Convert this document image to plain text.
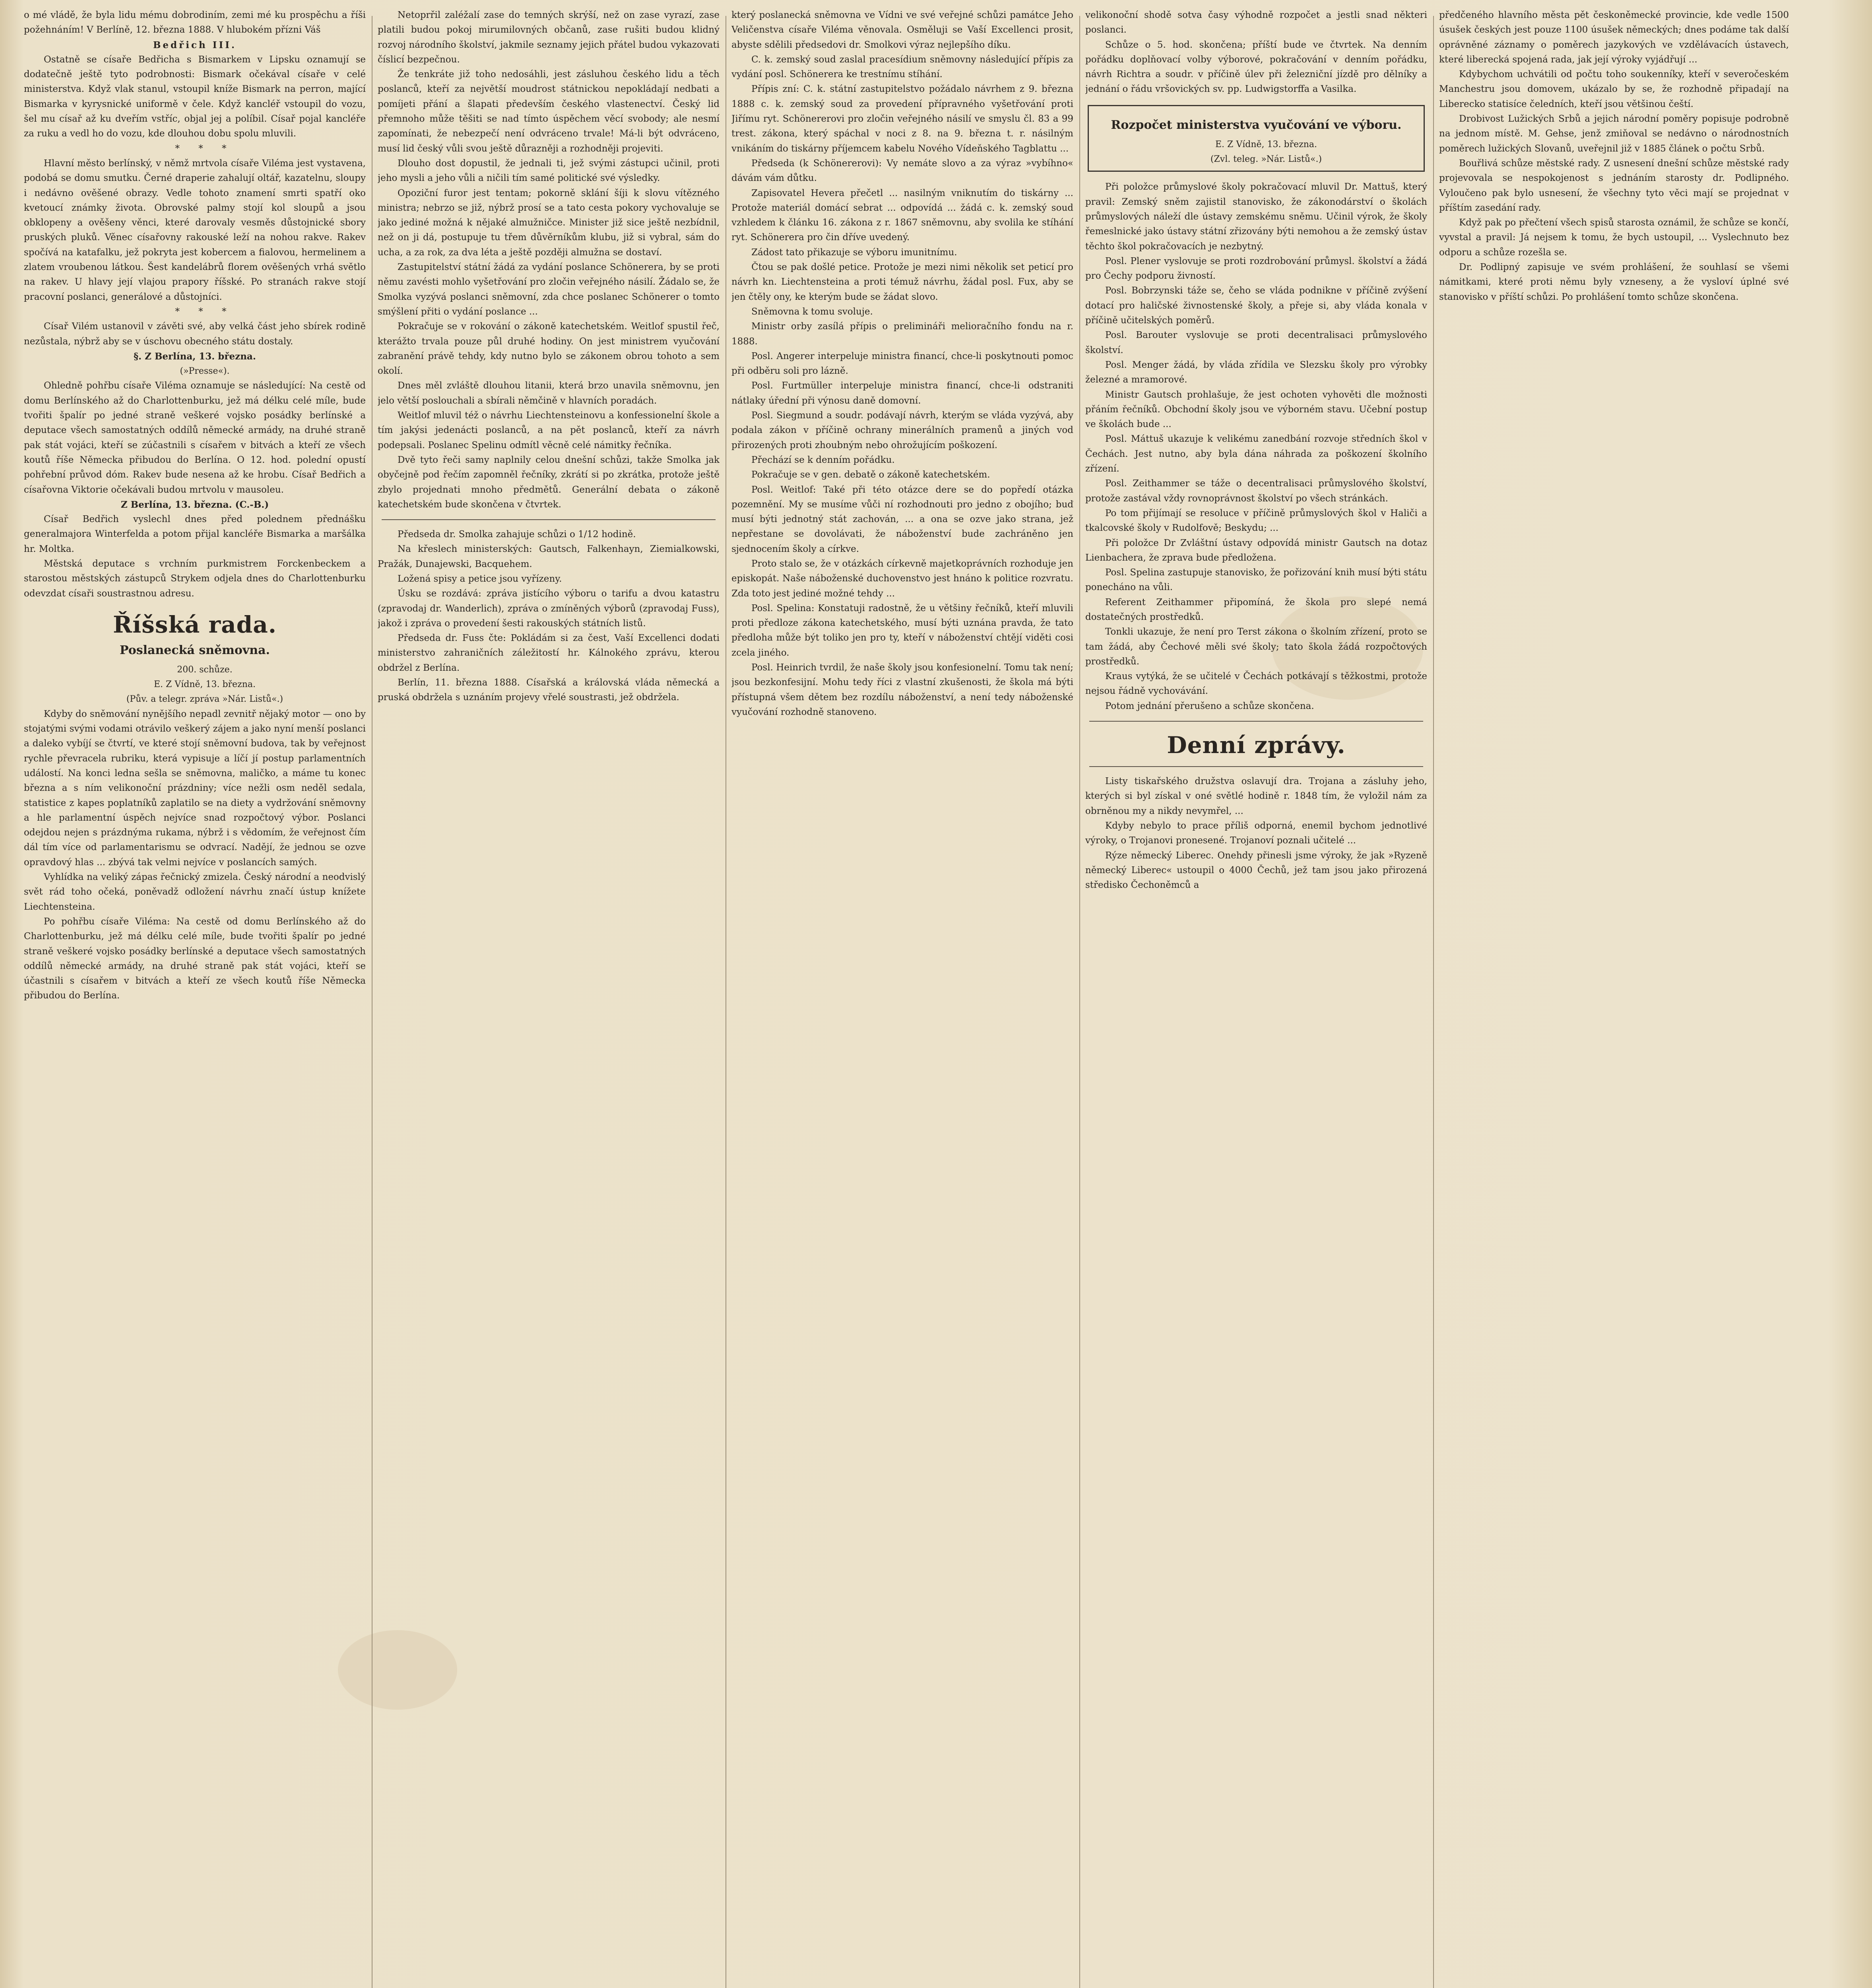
o mé vládě, že byla lidu mému dobrodiním, zemi mé ku prospěchu a říši požehnáním! V Berlíně, 12. března 1888. V hlubokém přízni Váš

Bedřich III.

Ostatně se císaře Bedřicha s Bismarkem v Lipsku oznamují se dodatečně ještě tyto podrobnosti: Bismark očekával císaře v celé ministerstva. Když vlak stanul, vstoupil kníže Bismark na perron, mající Bismarka v kyrysnické uniformě v čele. Když kancléř vstoupil do vozu, šel mu císař až ku dveřím vstříc, objal jej a políbil. Císař pojal kancléře za ruku a vedl ho do vozu, kde dlouhou dobu spolu mluvili.

* * *

Hlavní město berlínský, v němž mrtvola císaře Viléma jest vystavena, podobá se domu smutku. Černé draperie zahalují oltář, kazatelnu, sloupy i nedávno ověšené obrazy. Vedle tohoto znamení smrti spatří oko kvetoucí známky života. Obrovské palmy stojí kol sloupů a jsou obklopeny a ověšeny věnci, které darovaly vesměs důstojnické sbory pruských pluků. Věnec císařovny rakouské leží na nohou rakve. Rakev spočívá na katafalku, jež pokryta jest kobercem a fialovou, hermelinem a zlatem vroubenou látkou. Šest kandelábrů florem ověšených vrhá světlo na rakev. U hlavy její vlajou prapory říšské. Po stranách rakve stojí pracovní poslanci, generálové a důstojníci.

* * *

Císař Vilém ustanovil v závěti své, aby velká část jeho sbírek rodině nezůstala, nýbrž aby se v úschovu obecného státu dostaly.

§. Z Berlína, 13. března.

(»Presse«).

Ohledně pohřbu císaře Viléma oznamuje se následující: Na cestě od domu Berlínského až do Charlottenburku, jež má délku celé míle, bude tvořiti špalír po jedné straně veškeré vojsko posádky berlínské a deputace všech samostatných oddílů německé armády, na druhé straně pak stát vojáci, kteří se zúčastnili s císařem v bitvách a kteří ze všech koutů říše Německa přibudou do Berlína. O 12. hod. polední opustí pohřební průvod dóm. Rakev bude nesena až ke hrobu. Císař Bedřich a císařovna Viktorie očekávali budou mrtvolu v mausoleu.

Z Berlína, 13. března. (C.-B.)

Císař Bedřich vyslechl dnes před polednem přednášku generalmajora Winterfelda a potom přijal kancléře Bismarka a maršálka hr. Moltka.

Městská deputace s vrchním purkmistrem Forckenbeckem a starostou městských zástupců Strykem odjela dnes do Charlottenburku odevzdat císaři soustrastnou adresu.

Říšská rada.
Poslanecká sněmovna.

200. schůze.

E. Z Vídně, 13. března.

(Pův. a telegr. zpráva »Nár. Listů«.)

Kdyby do sněmování nynějšího nepadl zevnitř nějaký motor — ono by stojatými svými vodami otrávilo veškerý zájem a jako nyní menší poslanci a daleko vybíjí se čtvrtí, ve které stojí sněmovní budova, tak by veřejnost rychle převracela rubriku, která vypisuje a líčí jí postup parlamentních událostí. Na konci ledna sešla se sněmovna, maličko, a máme tu konec března a s ním velikonoční prázdniny; více nežli osm neděl sedala, statistice z kapes poplatníků zaplatilo se na diety a vydržování sněmovny a hle parlamentní úspěch nejvíce snad rozpočtový výbor. Poslanci odejdou nejen s prázdnýma rukama, nýbrž i s vědomím, že veřejnost čím dál tím více od parlamentarismu se odvrací. Nadějí, že jednou se ozve opravdový hlas ... zbývá tak velmi nejvíce v poslancích samých.

Vyhlídka na veliký zápas řečnický zmizela. Český národní a neodvislý svět rád toho očeká, poněvadž odložení návrhu značí ústup knížete Liechtensteina.

Po pohřbu císaře Viléma: Na cestě od domu Berlínského až do Charlottenburku, jež má délku celé míle, bude tvořiti špalír po jedné straně veškeré vojsko posádky berlínské a deputace všech samostatných oddílů německé armády, na druhé straně pak stát vojáci, kteří se účastnili s císařem v bitvách a kteří ze všech koutů říše Německa přibudou do Berlína.

Netoprřil zaléžalí zase do temných skrýší, než on zase vyrazí, zase platili budou pokoj mirumilovných občanů, zase rušiti budou klidný rozvoj národního školství, jakmile seznamy jejich přátel budou vykazovati číslicí bezpečnou.

Že tenkráte již toho nedosáhli, jest zásluhou českého lidu a těch poslanců, kteří za největší moudrost státnickou nepokládají nedbati a pomíjeti přání a šlapati především českého vlastenectví. Český lid přemnoho může těšiti se nad tímto úspěchem věcí svobody; ale nesmí zapomínati, že nebezpečí není odvráceno trvale! Má-li být odvráceno, musí lid český vůli svou ještě důrazněji a rozhodněji projeviti.

Dlouho dost dopustil, že jednali ti, jež svými zástupci učinil, proti jeho mysli a jeho vůli a ničili tím samé politické své výsledky.

Opoziční furor jest tentam; pokorně sklání šíji k slovu vítězného ministra; nebrzo se již, nýbrž prosí se a tato cesta pokory vychovaluje se jako jediné možná k nějaké almužničce. Minister již sice ještě nezbídnil, než on ji dá, postupuje tu třem důvěrníkům klubu, již si vybral, sám do ucha, a za rok, za dva léta a ještě později almužna se dostaví.

Zastupitelství státní žádá za vydání poslance Schönerera, by se proti němu zavésti mohlo vyšetřování pro zločin veřejného násilí. Žádalo se, že Smolka vyzývá poslanci sněmovní, zda chce poslanec Schönerer o tomto smýšlení přiti o vydání poslance ...

Pokračuje se v rokování o zákoně katechetském. Weitlof spustil řeč, kterážto trvala pouze půl druhé hodiny. On jest ministrem vyučování zabranění právě tehdy, kdy nutno bylo se zákonem obrou tohoto a sem okolí.

Dnes měl zvláště dlouhou litanii, která brzo unavila sněmovnu, jen jelo větší poslouchali a sbírali němčině v hlavních poradách.

Weitlof mluvil též o návrhu Liechtensteinovu a konfessionelní škole a tím jakýsi jedenácti poslanců, a na pět poslanců, kteří za návrh podepsali. Poslanec Spelinu odmítl věcně celé námitky řečníka.

Dvě tyto řeči samy naplnily celou dnešní schůzi, takže Smolka jak obyčejně pod řečím zapomněl řečníky, zkrátí si po zkrátka, protože ještě zbylo projednati mnoho předmětů. Generální debata o zákoně katechetském bude skončena v čtvrtek.

Předseda dr. Smolka zahajuje schůzi o 1/12 hodině.

Na křeslech ministerských: Gautsch, Falkenhayn, Ziemialkowski, Pražák, Dunajewski, Bacquehem.

Ložená spisy a petice jsou vyřízeny.

Úsku se rozdává: zpráva jistícího výboru o tarifu a dvou katastru (zpravodaj dr. Wanderlich), zpráva o zmíněných výborů (zpravodaj Fuss), jakož i zpráva o provedení šesti rakouských státních listů.

Předseda dr. Fuss čte: Pokládám si za čest, Vaší Excellenci dodati ministerstvo zahraničních záležitostí hr. Kálnokého zprávu, kterou obdržel z Berlína.

Berlín, 11. března 1888. Císařská a královská vláda německá a pruská obdržela s uznáním projevy vřelé soustrasti, jež obdržela.

který poslanecká sněmovna ve Vídni ve své veřejné schůzi památce Jeho Veličenstva císaře Viléma věnovala. Osměluji se Vaší Excellenci prosit, abyste sdělili předsedovi dr. Smolkovi výraz nejlepšího díku.

C. k. zemský soud zaslal pracesídium sněmovny následující přípis za vydání posl. Schönerera ke trestnímu stíhání.

Přípis zní: C. k. státní zastupitelstvo požádalo návrhem z 9. března 1888 c. k. zemský soud za provedení přípravného vyšetřování proti Jiřímu ryt. Schönererovi pro zločin veřejného násilí ve smyslu čl. 83 a 99 trest. zákona, který spáchal v noci z 8. na 9. března t. r. násilným vnikáním do tiskárny příjemcem kabelu Nového Vídeňského Tagblattu ...

Předseda (k Schönererovi): Vy nemáte slovo a za výraz »vybíhno« dávám vám důtku.

Zapisovatel Hevera přečetl ... nasilným vniknutím do tiskárny ... Protože materiál domácí sebrat ... odpovídá ... žádá c. k. zemský soud vzhledem k článku 16. zákona z r. 1867 sněmovnu, aby svolila ke stíhání ryt. Schönerera pro čin dříve uvedený.

Zádost tato přikazuje se výboru imunitnímu.

Čtou se pak došlé petice. Protože je mezi nimi několik set peticí pro návrh kn. Liechtensteina a proti témuž návrhu, žádal posl. Fux, aby se jen čtěly ony, ke kterým bude se žádat slovo.

Sněmovna k tomu svoluje.

Ministr orby zasílá přípis o prelimináři melioračního fondu na r. 1888.

Posl. Angerer interpeluje ministra financí, chce-li poskytnouti pomoc při odběru soli pro lázně.

Posl. Furtmüller interpeluje ministra financí, chce-li odstraniti nátlaky úřední při výnosu daně domovní.

Posl. Siegmund a soudr. podávají návrh, kterým se vláda vyzývá, aby podala zákon v příčině ochrany minerálních pramenů a jiných vod přirozených proti zhoubným nebo ohrožujícím poškození.

Přechází se k denním pořádku.

Pokračuje se v gen. debatě o zákoně katechetském.

Posl. Weitlof: Také při této otázce dere se do popředí otázka pozemnění. My se musíme vůči ní rozhodnouti pro jedno z obojího; buď musí býti jednotný stát zachován, ... a ona se ozve jako strana, jež nepřestane se dovolávati, že náboženství bude zachráněno jen sjednocením školy a církve.

Proto stalo se, že v otázkách církevně majetkoprávních rozhoduje jen episkopát. Naše náboženské duchovenstvo jest hnáno k politice rozvratu. Zda toto jest jediné možné tehdy ...

Posl. Spelina: Konstatuji radostně, že u většiny řečníků, kteří mluvili proti předloze zákona katechetského, musí býti uznána pravda, že tato předloha může být toliko jen pro ty, kteří v náboženství chtějí viděti cosi zcela jiného.

Posl. Heinrich tvrdil, že naše školy jsou konfesionelní. Tomu tak není; jsou bezkonfesijní. Mohu tedy říci z vlastní zkušenosti, že škola má býti přístupná všem dětem bez rozdílu náboženství, a není tedy náboženské vyučování rozhodně stanoveno.

velikonoční shodě sotva časy výhodně rozpočet a jestli snad některi poslanci.

Schůze o 5. hod. skončena; příští bude ve čtvrtek. Na denním pořádku doplňovací volby výborové, pokračování v denním pořádku, návrh Richtra a soudr. v příčině úlev při železniční jízdě pro dělníky a jednání o řádu vršovických sv. pp. Ludwigstorffa a Vasilka.

Rozpočet ministerstva vyučování ve výboru.

E. Z Vídně, 13. března.

(Zvl. teleg. »Nár. Listů«.)

Při položce průmyslové školy pokračovací mluvil Dr. Mattuš, který pravil: Zemský sněm zajistil stanovisko, že zákonodárství o školách průmyslových náleží dle ústavy zemskému sněmu. Učinil výrok, že školy řemeslnické jako ústavy státní zřizovány býti nemohou a že zemský ústav těchto škol pokračovacích je nezbytný.

Posl. Plener vyslovuje se proti rozdrobování průmysl. školství a žádá pro Čechy podporu živností.

Posl. Bobrzynski táže se, čeho se vláda podnikne v příčině zvýšení dotací pro haličské živnostenské školy, a přeje si, aby vláda konala v příčině učitelských poměrů.

Posl. Barouter vyslovuje se proti decentralisaci průmyslového školství.

Posl. Menger žádá, by vláda zřídila ve Slezsku školy pro výrobky železné a mramorové.

Ministr Gautsch prohlašuje, že jest ochoten vyhověti dle možnosti přáním řečníků. Obchodní školy jsou ve výborném stavu. Učební postup ve školách bude ...

Posl. Máttuš ukazuje k velikému zanedbání rozvoje středních škol v Čechách. Jest nutno, aby byla dána náhrada za poškození školního zřízení.

Posl. Zeithammer se táže o decentralisaci průmyslového školství, protože zastával vždy rovnoprávnost školství po všech stránkách.

Po tom přijímají se resoluce v příčině průmyslových škol v Haliči a tkalcovské školy v Rudolfově; Beskydu; ...

Při položce Dr Zvláštní ústavy odpovídá ministr Gautsch na dotaz Lienbachera, že zprava bude předložena.

Posl. Spelina zastupuje stanovisko, že pořizování knih musí býti státu ponecháno na vůli.

Referent Zeithammer připomíná, že škola pro slepé nemá dostatečných prostředků.

Tonkli ukazuje, že není pro Terst zákona o školním zřízení, proto se tam žádá, aby Čechové měli své školy; tato škola žádá rozpočtových prostředků.

Kraus vytýká, že se učitelé v Čechách potkávají s těžkostmi, protože nejsou řádně vychovávání.

Potom jednání přerušeno a schůze skončena.

Denní zprávy.

Listy tiskařského družstva oslavují dra. Trojana a zásluhy jeho, kterých si byl získal v oné světlé hodině r. 1848 tím, že vyložil nám za obrněnou my a nikdy nevymřel, ...

Kdyby nebylo to prace příliš odporná, enemil bychom jednotlivé výroky, o Trojanovi pronesené. Trojanoví poznali učitelé ...

Rýze německý Liberec. Onehdy přinesli jsme výroky, že jak »Ryzeně německý Liberec« ustoupil o 4000 Čechů, jež tam jsou jako přirozená středisko Čechoněmců a

předčeného hlavního města pět českoněmecké provincie, kde vedle 1500 úsušek českých jest pouze 1100 úsušek německých; dnes podáme tak další oprávněné záznamy o poměrech jazykových ve vzdělávacích ústavech, které liberecká spojená rada, jak její výroky vyjádřují ...

Kdybychom uchvátili od počtu toho soukenníky, kteří v severočeském Manchestru jsou domovem, ukázalo by se, že rozhodně připadají na Liberecko statisíce čeledních, kteří jsou většinou čeští.

Drobivost Lužických Srbů a jejich národní poměry popisuje podrobně na jednom místě. M. Gehse, jenž zmiňoval se nedávno o národnostních poměrech lužických Slovanů, uveřejnil již v 1885 článek o počtu Srbů.

Bouřlivá schůze městské rady. Z usnesení dnešní schůze městské rady projevovala se nespokojenost s jednáním starosty dr. Podlipného. Vyloučeno pak bylo usnesení, že všechny tyto věci mají se projednat v příštím zasedání rady.

Když pak po přečtení všech spisů starosta oznámil, že schůze se končí, vyvstal a pravil: Já nejsem k tomu, že bych ustoupil, ... Vyslechnuto bez odporu a schůze rozešla se.

Dr. Podlipný zapisuje ve svém prohlášení, že souhlasí se všemi námitkami, které proti němu byly vzneseny, a že vysloví úplné své stanovisko v příští schůzi. Po prohlášení tomto schůze skončena.
